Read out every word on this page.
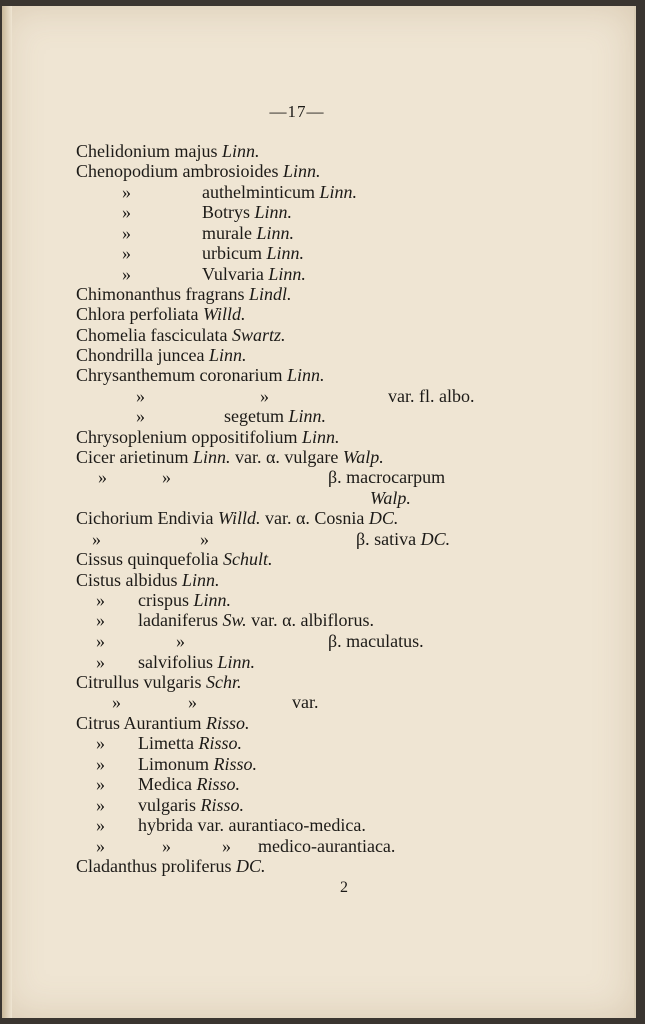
—17—
Chelidonium majus Linn.
Chenopodium ambrosioides Linn.
»	authelminticum Linn.
»	Botrys Linn.
»	murale Linn.
»	urbicum Linn.
»	Vulvaria Linn.
Chimonanthus fragrans Lindl.
Chlora perfoliata Willd.
Chomelia fasciculata Swartz.
Chondrilla juncea Linn.
Chrysanthemum coronarium Linn.
»	»	var. fl. albo.
»	segetum Linn.
Chrysoplenium oppositifolium Linn.
Cicer arietinum Linn. var. α. vulgare Walp.
»	»	β. macrocarpum
Walp.
Cichorium Endivia Willd. var. α. Cosnia DC.
»	»	β. sativa DC.
Cissus quinquefolia Schult.
Cistus albidus Linn.
» crispus Linn.
» ladaniferus Sw. var. α. albiflorus.
»	»	β. maculatus.
» salvifolius Linn.
Citrullus vulgaris Schr.
»	»	var.
Citrus Aurantium Risso.
» Limetta Risso.
» Limonum Risso.
» Medica Risso.
» vulgaris Risso.
» hybrida var. aurantiaco-medica.
»	»	» medico-aurantiaca.
Cladanthus proliferus DC.
2
